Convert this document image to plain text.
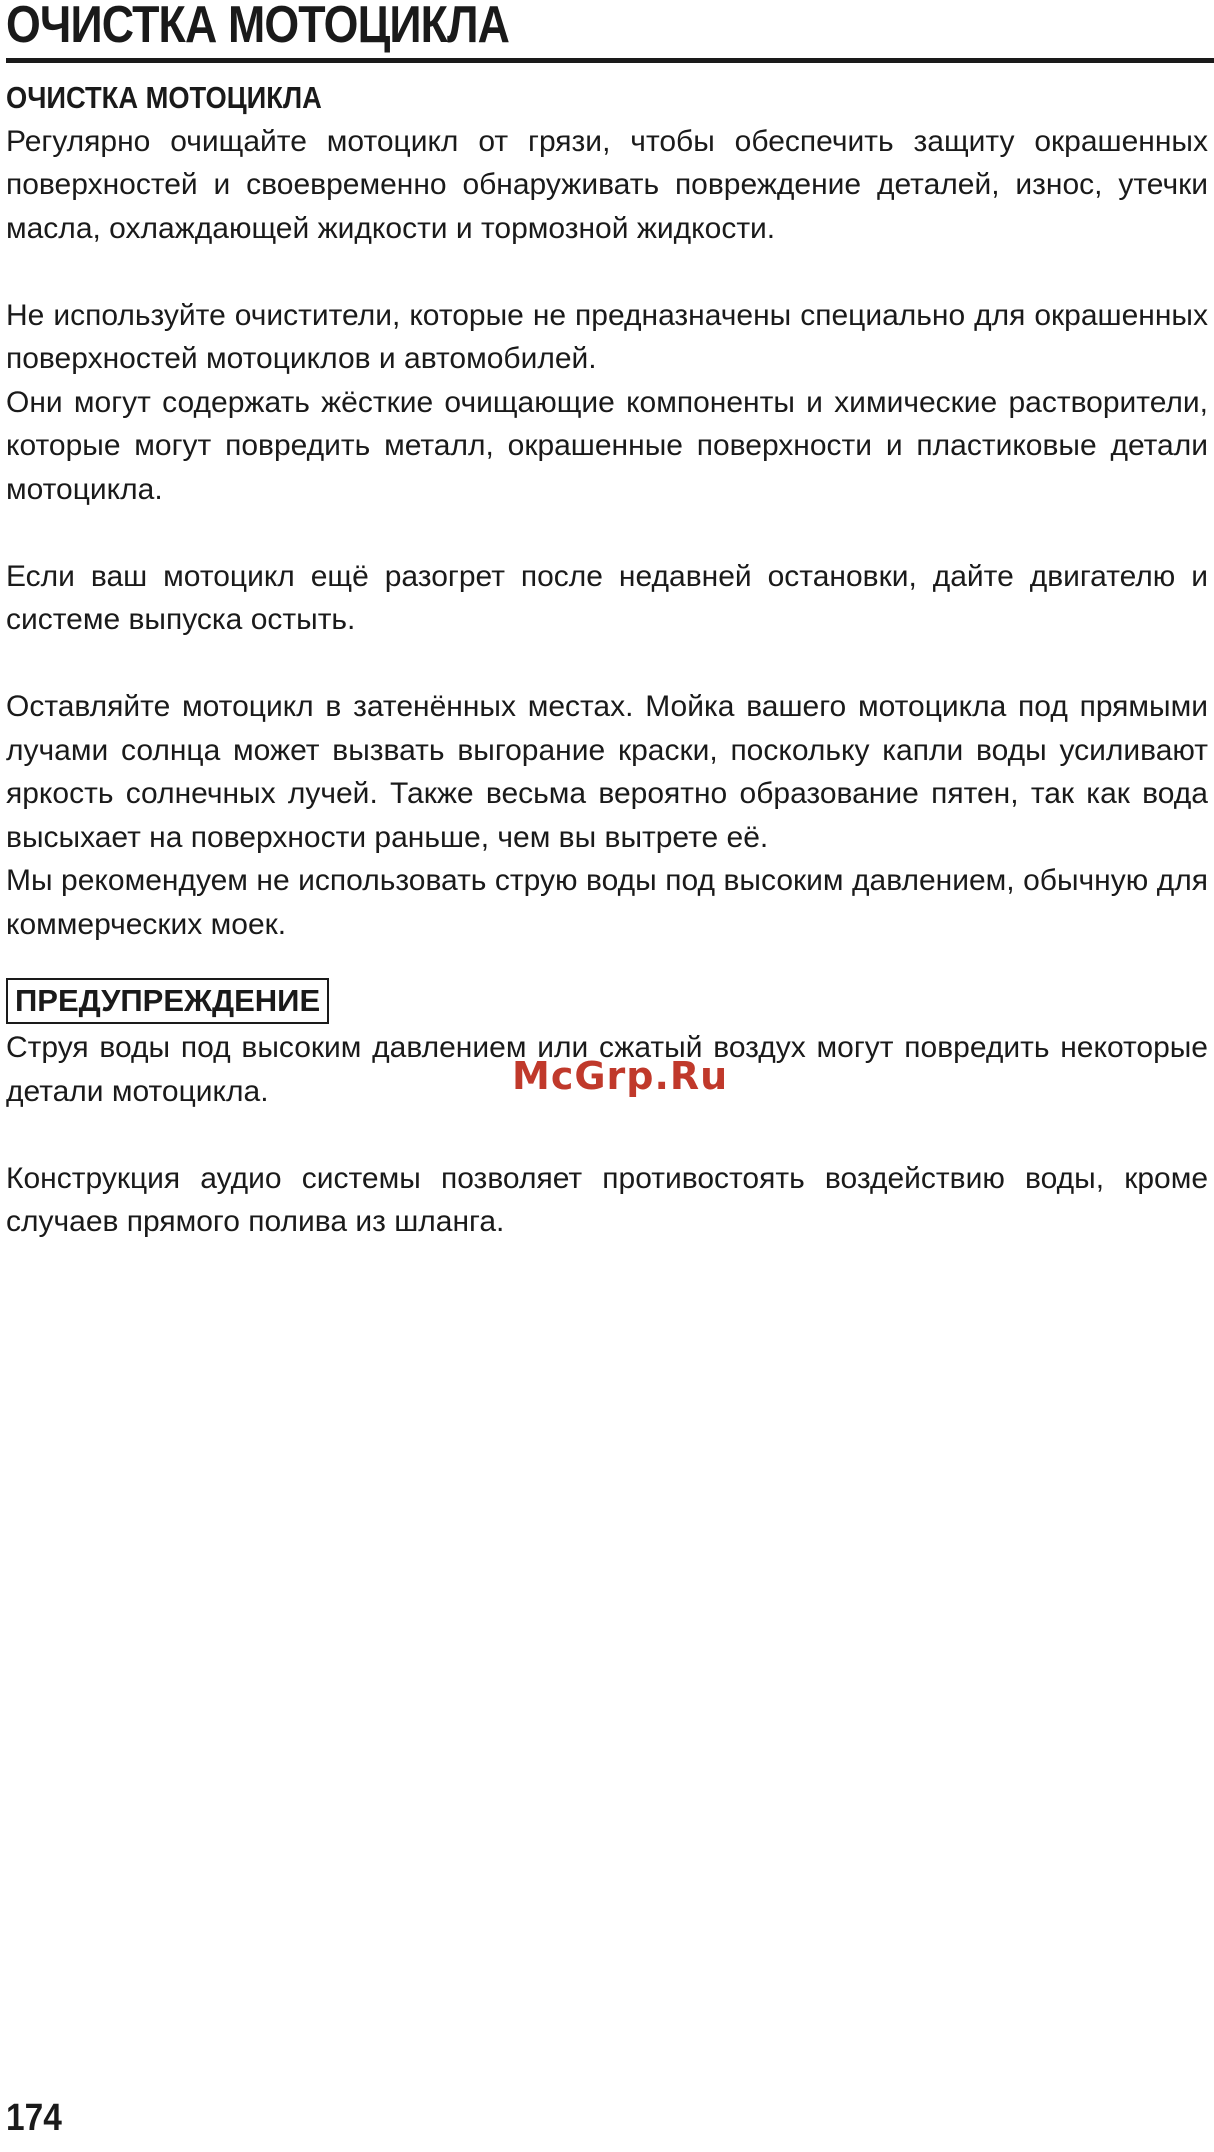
ОЧИСТКА МОТОЦИКЛА
ОЧИСТКА МОТОЦИКЛА

Регулярно очищайте мотоцикл от грязи, чтобы обеспечить защиту окрашенных поверхностей и своевременно обнаруживать повреждение деталей, износ, утечки масла, охлаждающей жидкости и тормозной жидкости.

Не используйте очистители, которые не предназначены специально для окрашенных поверхностей мотоциклов и автомобилей.

Они могут содержать жёсткие очищающие компоненты и химические растворители, которые могут повредить металл, окрашенные поверхности и пластиковые детали мотоцикла.

Если ваш мотоцикл ещё разогрет после недавней остановки, дайте двигателю и системе выпуска остыть.

Оставляйте мотоцикл в затенённых местах. Мойка вашего мотоцикла под прямыми лучами солнца может вызвать выгорание краски, поскольку капли воды усиливают яркость солнечных лучей. Также весьма вероятно образование пятен, так как вода высыхает на поверхности раньше, чем вы вытрете её.

Мы рекомендуем не использовать струю воды под высоким давлением, обычную для коммерческих моек.

ПРЕДУПРЕЖДЕНИЕ

Струя воды под высоким давлением или сжатый воздух могут повредить некоторые детали мотоцикла.

Конструкция аудио системы позволяет противостоять воздействию воды, кроме случаев прямого полива из шланга.

McGrp.Ru
174
